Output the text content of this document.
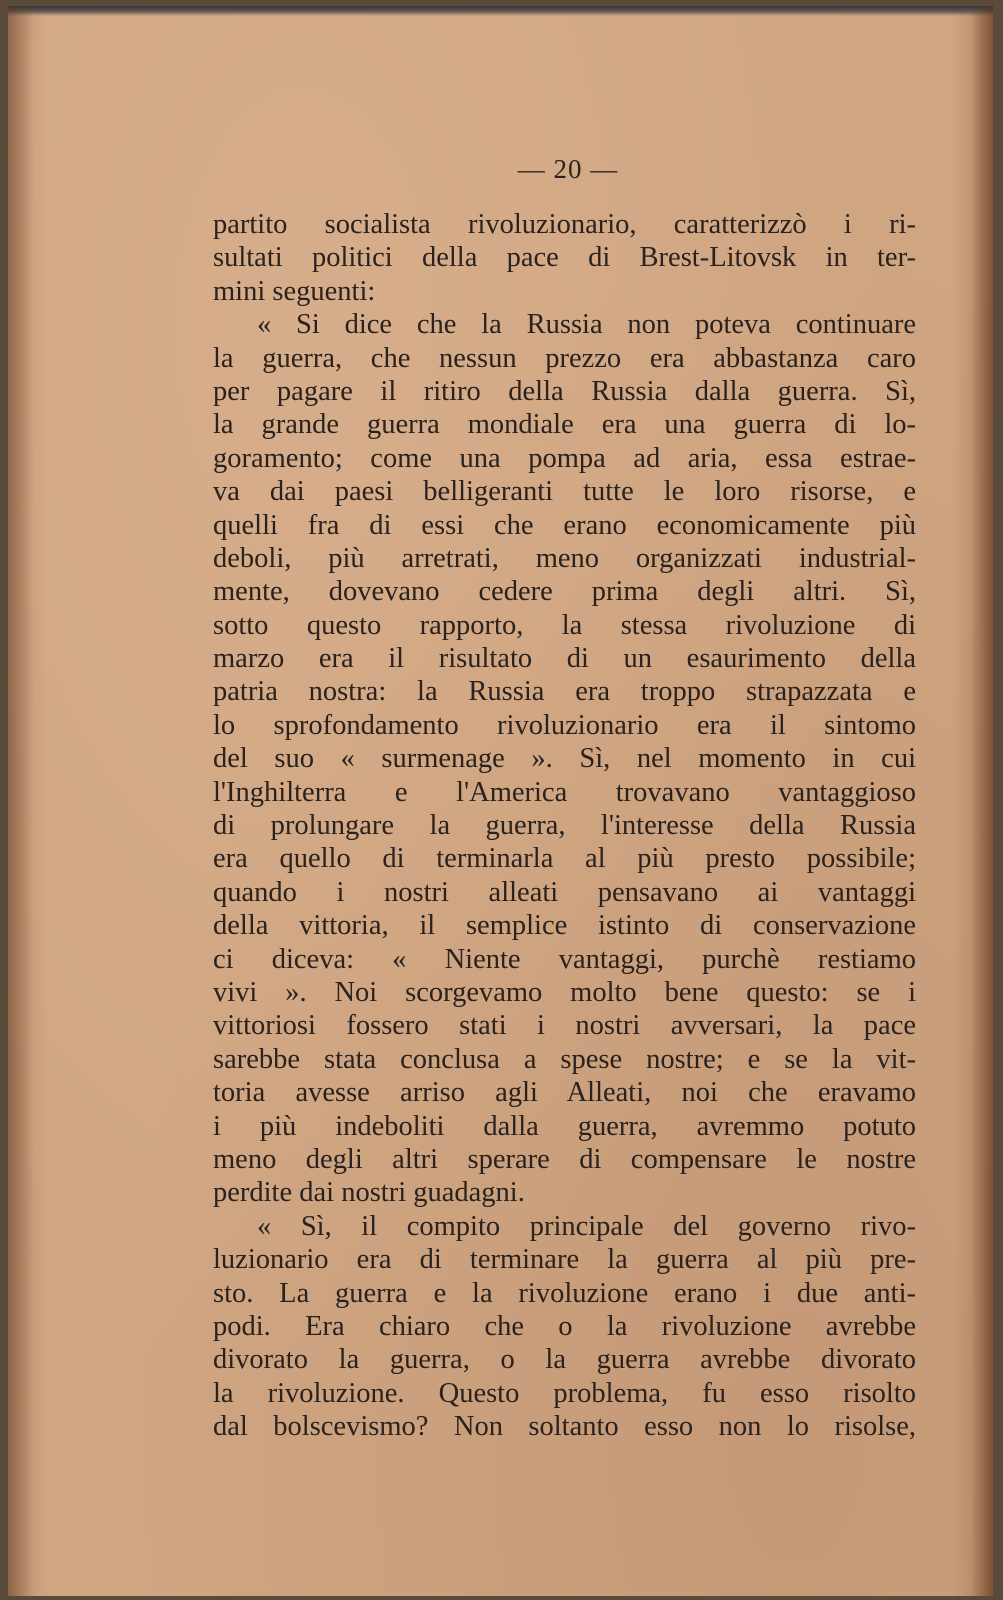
— 20 —
partito socialista rivoluzionario, caratterizzò i ri-
sultati politici della pace di Brest-Litovsk in ter-
mini seguenti:
« Si dice che la Russia non poteva continuare
la guerra, che nessun prezzo era abbastanza caro
per pagare il ritiro della Russia dalla guerra. Sì,
la grande guerra mondiale era una guerra di lo-
goramento; come una pompa ad aria, essa estrae-
va dai paesi belligeranti tutte le loro risorse, e
quelli fra di essi che erano economicamente più
deboli, più arretrati, meno organizzati industrial-
mente, dovevano cedere prima degli altri. Sì,
sotto questo rapporto, la stessa rivoluzione di
marzo era il risultato di un esaurimento della
patria nostra: la Russia era troppo strapazzata e
lo sprofondamento rivoluzionario era il sintomo
del suo « surmenage ». Sì, nel momento in cui
l'Inghilterra e l'America trovavano vantaggioso
di prolungare la guerra, l'interesse della Russia
era quello di terminarla al più presto possibile;
quando i nostri alleati pensavano ai vantaggi
della vittoria, il semplice istinto di conservazione
ci diceva: « Niente vantaggi, purchè restiamo
vivi ». Noi scorgevamo molto bene questo: se i
vittoriosi fossero stati i nostri avversari, la pace
sarebbe stata conclusa a spese nostre; e se la vit-
toria avesse arriso agli Alleati, noi che eravamo
i più indeboliti dalla guerra, avremmo potuto
meno degli altri sperare di compensare le nostre
perdite dai nostri guadagni.
« Sì, il compito principale del governo rivo-
luzionario era di terminare la guerra al più pre-
sto. La guerra e la rivoluzione erano i due anti-
podi. Era chiaro che o la rivoluzione avrebbe
divorato la guerra, o la guerra avrebbe divorato
la rivoluzione. Questo problema, fu esso risolto
dal bolscevismo? Non soltanto esso non lo risolse,
